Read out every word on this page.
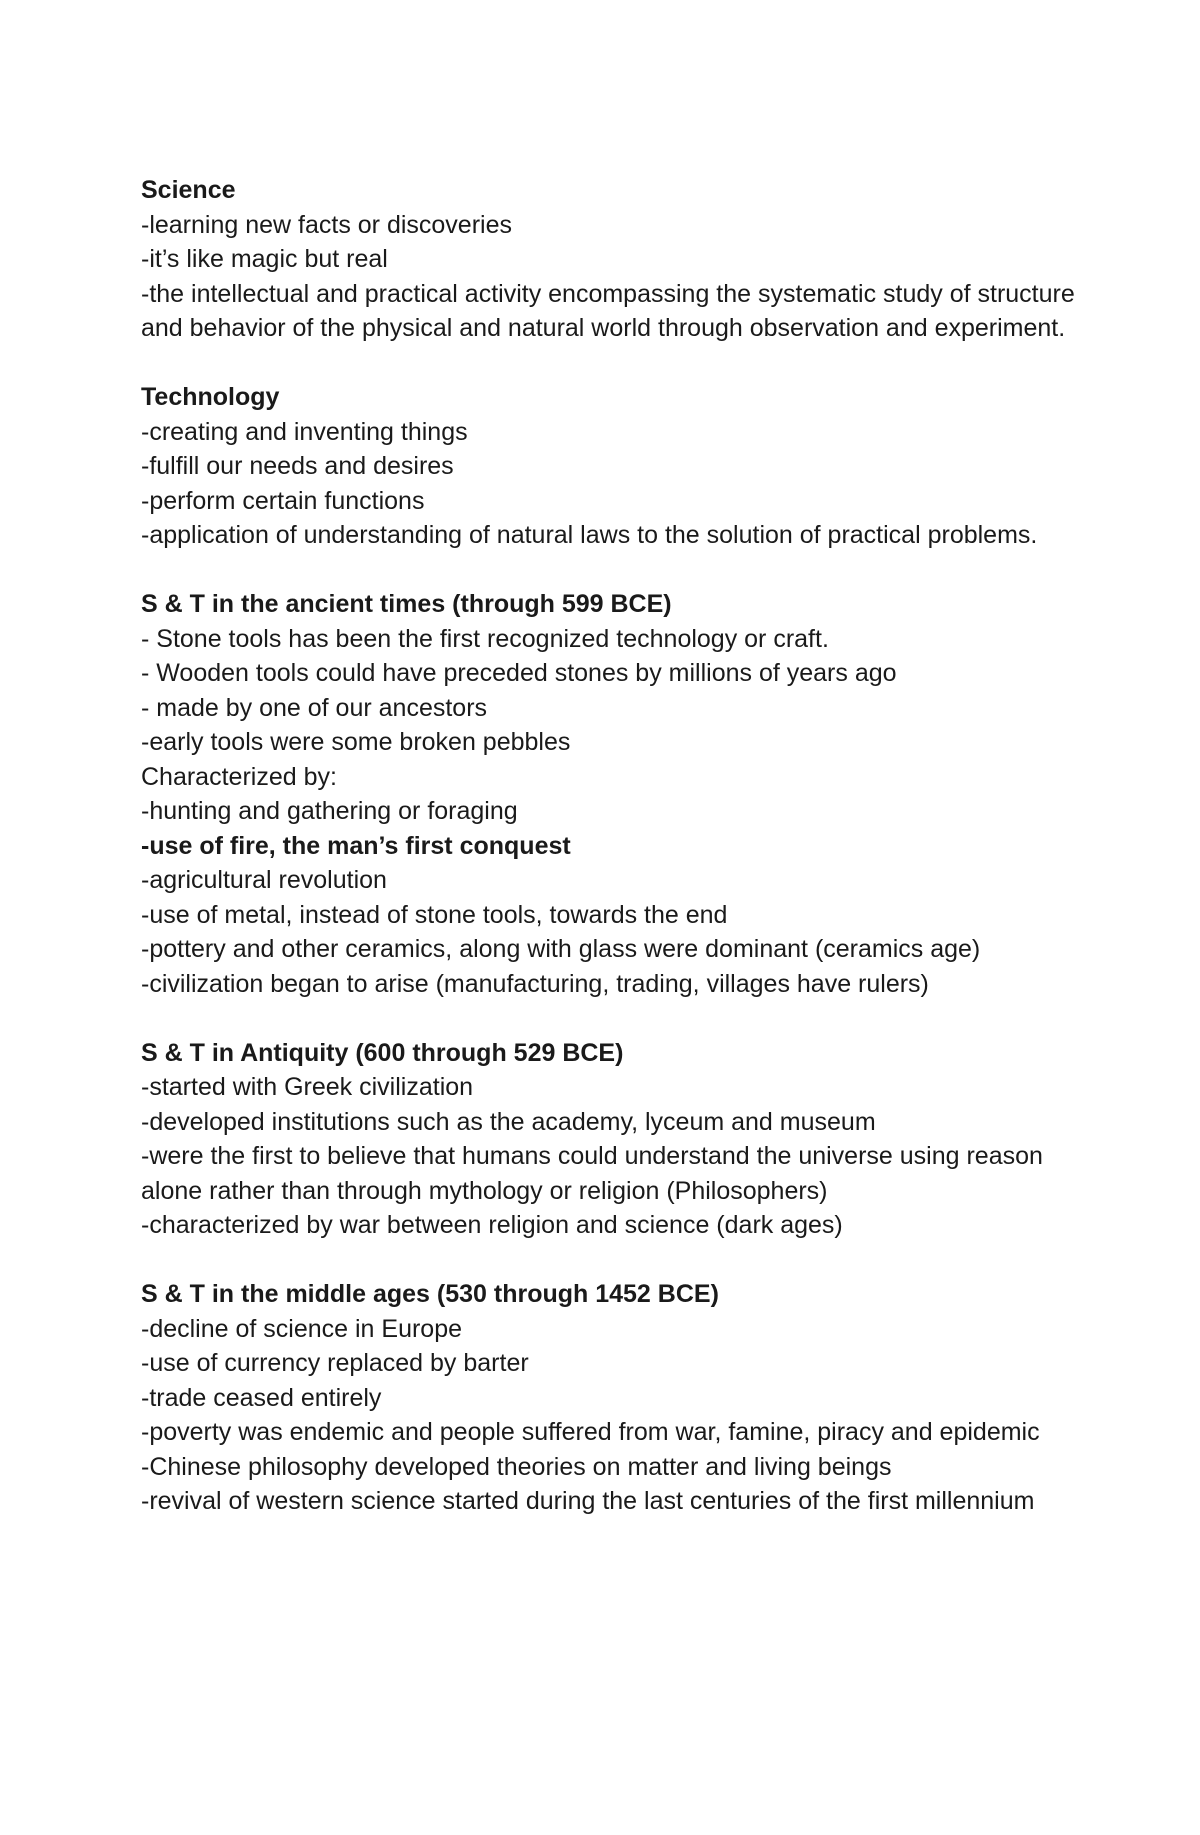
Science

-learning new facts or discoveries

-it’s like magic but real

-the intellectual and practical activity encompassing the systematic study of structure and behavior of the physical and natural world through observation and experiment.

Technology

-creating and inventing things

-fulfill our needs and desires

-perform certain functions

-application of understanding of natural laws to the solution of practical problems.

S & T in the ancient times (through 599 BCE)

- Stone tools has been the first recognized technology or craft.

- Wooden tools could have preceded stones by millions of years ago

- made by one of our ancestors

-early tools were some broken pebbles

Characterized by:

-hunting and gathering or foraging

-use of fire, the man’s first conquest

-agricultural revolution

-use of metal, instead of stone tools, towards the end

-pottery and other ceramics, along with glass were dominant (ceramics age)

-civilization began to arise (manufacturing, trading, villages have rulers)

S & T in Antiquity (600 through 529 BCE)

-started with Greek civilization

-developed institutions such as the academy, lyceum and museum

-were the first to believe that humans could understand the universe using reason alone rather than through mythology or religion (Philosophers)

-characterized by war between religion and science (dark ages)

S & T in the middle ages (530 through 1452 BCE)

-decline of science in Europe

-use of currency replaced by barter

-trade ceased entirely

-poverty was endemic and people suffered from war, famine, piracy and epidemic

-Chinese philosophy developed theories on matter and living beings

-revival of western science started during the last centuries of the first millennium
